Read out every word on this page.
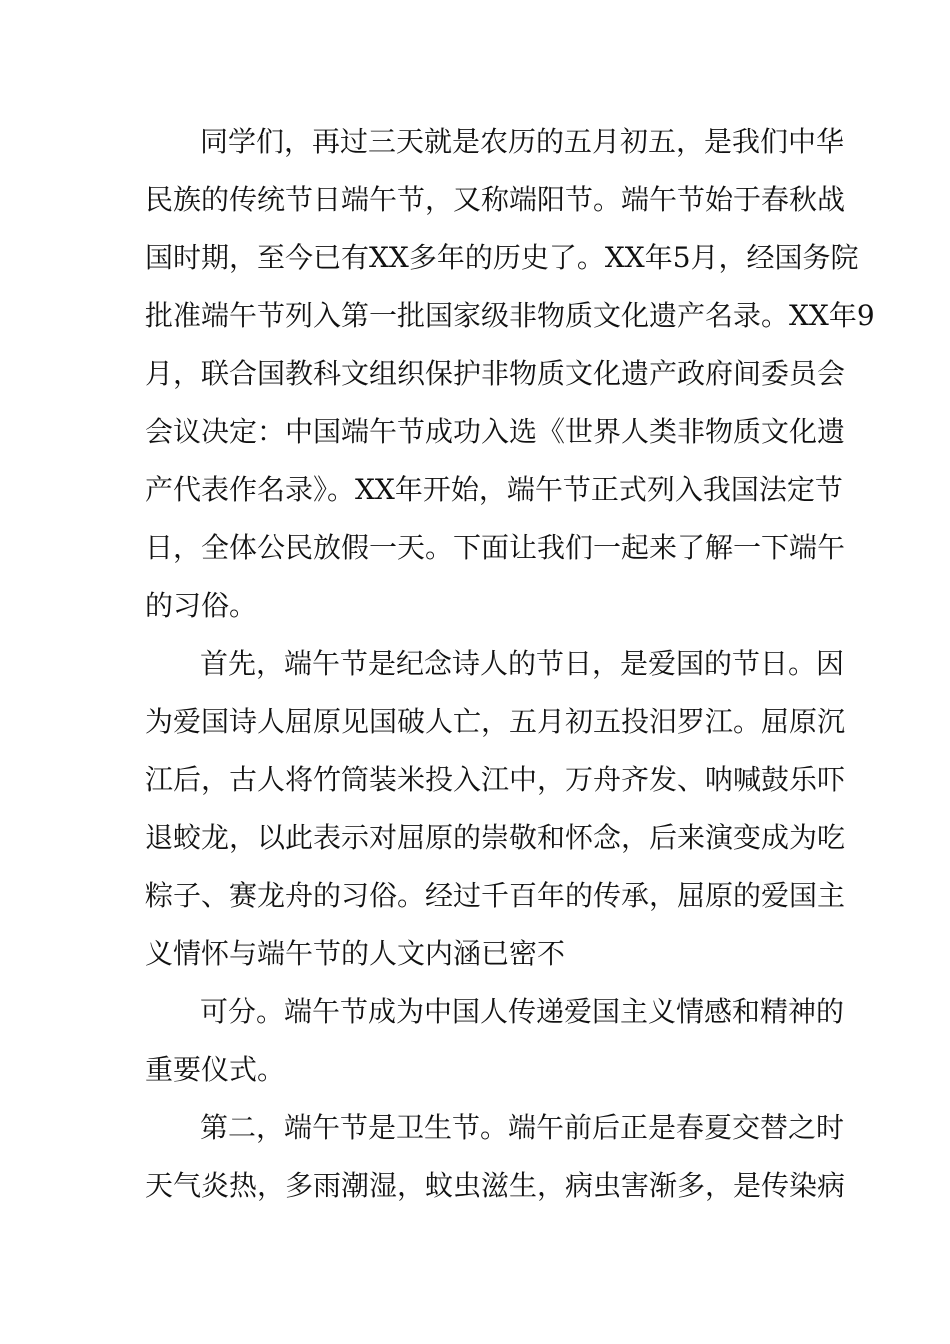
同学们，再过三天就是农历的五月初五，是我们中华
民族的传统节日端午节，又称端阳节。端午节始于春秋战
国时期，至今已有XX多年的历史了。XX年5月，经国务院
批准端午节列入第一批国家级非物质文化遗产名录。XX年9
月，联合国教科文组织保护非物质文化遗产政府间委员会
会议决定：中国端午节成功入选《世界人类非物质文化遗
产代表作名录》。XX年开始，端午节正式列入我国法定节
日，全体公民放假一天。下面让我们一起来了解一下端午
的习俗。
首先，端午节是纪念诗人的节日，是爱国的节日。因
为爱国诗人屈原见国破人亡，五月初五投汨罗江。屈原沉
江后，古人将竹筒装米投入江中，万舟齐发、呐喊鼓乐吓
退蛟龙，以此表示对屈原的崇敬和怀念，后来演变成为吃
粽子、赛龙舟的习俗。经过千百年的传承，屈原的爱国主
义情怀与端午节的人文内涵已密不
可分。端午节成为中国人传递爱国主义情感和精神的
重要仪式。
第二，端午节是卫生节。端午前后正是春夏交替之时
天气炎热，多雨潮湿，蚊虫滋生，病虫害渐多，是传染病
